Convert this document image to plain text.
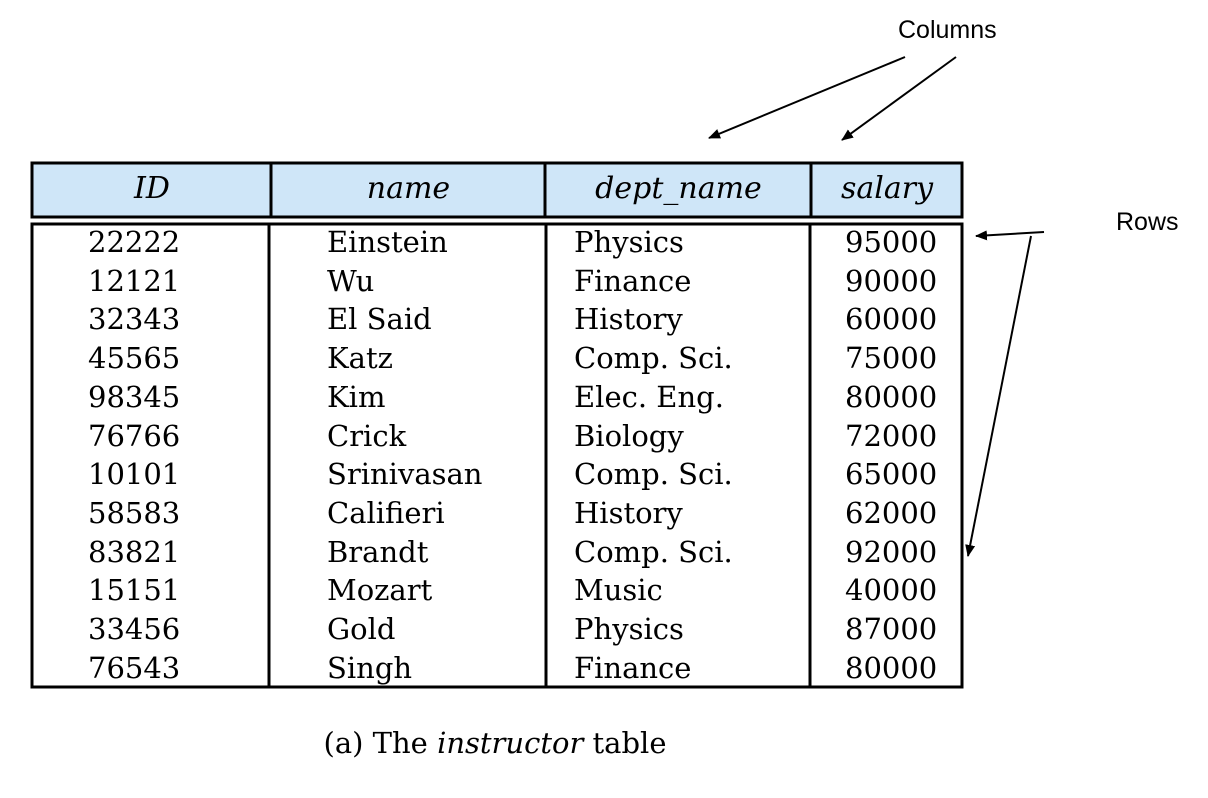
Columns
Rows
ID	name	dept_name	salary
22222	Einstein	Physics	95000
12121	Wu	Finance	90000
32343	El Said	History	60000
45565	Katz	Comp. Sci.	75000
98345	Kim	Elec. Eng.	80000
76766	Crick	Biology	72000
10101	Srinivasan	Comp. Sci.	65000
58583	Califieri	History	62000
83821	Brandt	Comp. Sci.	92000
15151	Mozart	Music	40000
33456	Gold	Physics	87000
76543	Singh	Finance	80000
(a) The instructor table
